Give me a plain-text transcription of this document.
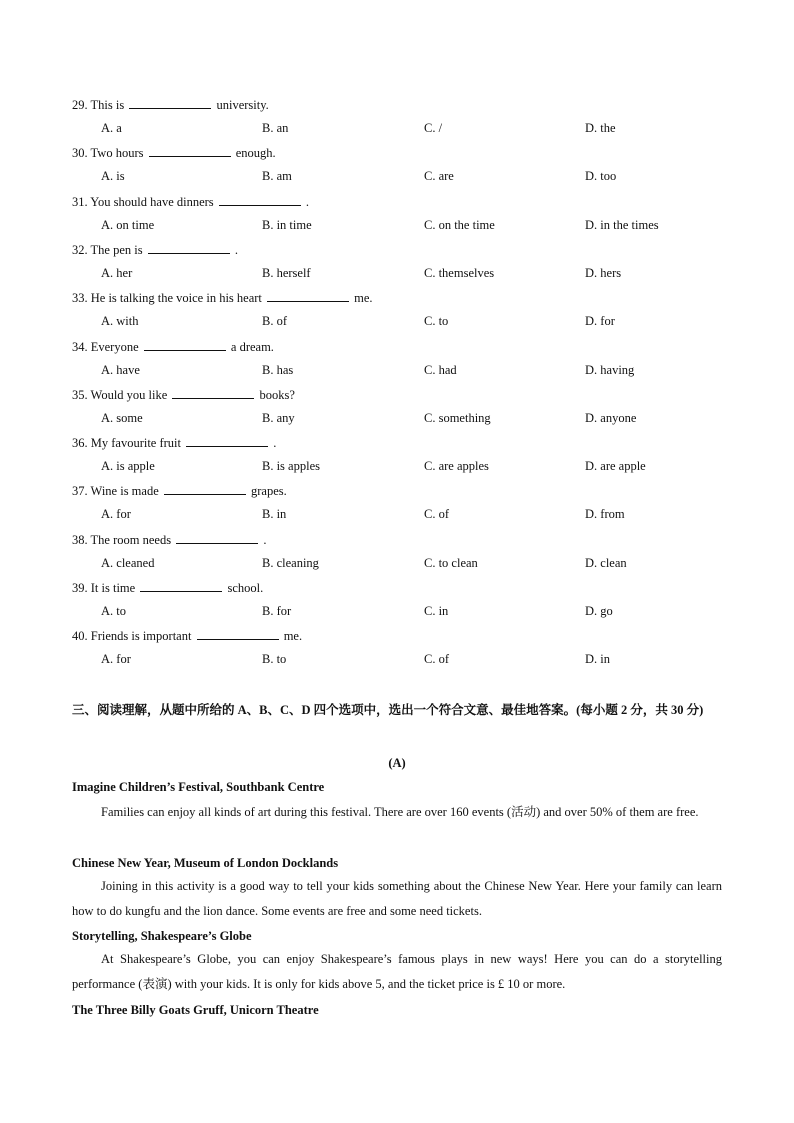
29. This is	university.
A. a	B. an	C. /	D. the
30. Two hours	enough.
A. is	B. am	C. are	D. too
31. You should have dinners	.
A. on time	B. in time	C. on the time	D. in the times
32. The pen is	.
A. her	B. herself	C. themselves	D. hers
33. He is talking the voice in his heart	me.
A. with	B. of	C. to	D. for
34. Everyone	a dream.
A. have	B. has	C. had	D. having
35. Would you like	books?
A. some	B. any	C. something	D. anyone
36. My favourite fruit	.
A. is apple	B. is apples	C. are apples	D. are apple
37. Wine is made	grapes.
A. for	B. in	C. of	D. from
38. The room needs	.
A. cleaned	B. cleaning	C. to clean	D. clean
39. It is time	school.
A. to	B. for	C. in	D. go
40. Friends is important	me.
A. for	B. to	C. of	D. in
三、阅读理解，从题中所给的 A、B、C、D 四个选项中，选出一个符合文意、最佳地答案。(每小题 2 分，共 30 分)
(A)
Imagine Children’s Festival, Southbank Centre
Families can enjoy all kinds of art during this festival. There are over 160 events (活动) and over 50% of them are free.
Chinese New Year, Museum of London Docklands
Joining in this activity is a good way to tell your kids something about the Chinese New Year. Here your family can learn how to do kungfu and the lion dance. Some events are free and some need tickets.
Storytelling, Shakespeare’s Globe
At Shakespeare’s Globe, you can enjoy Shakespeare’s famous plays in new ways! Here you can do a storytelling performance (表演) with your kids. It is only for kids above 5, and the ticket price is £ 10 or more.
The Three Billy Goats Gruff, Unicorn Theatre
